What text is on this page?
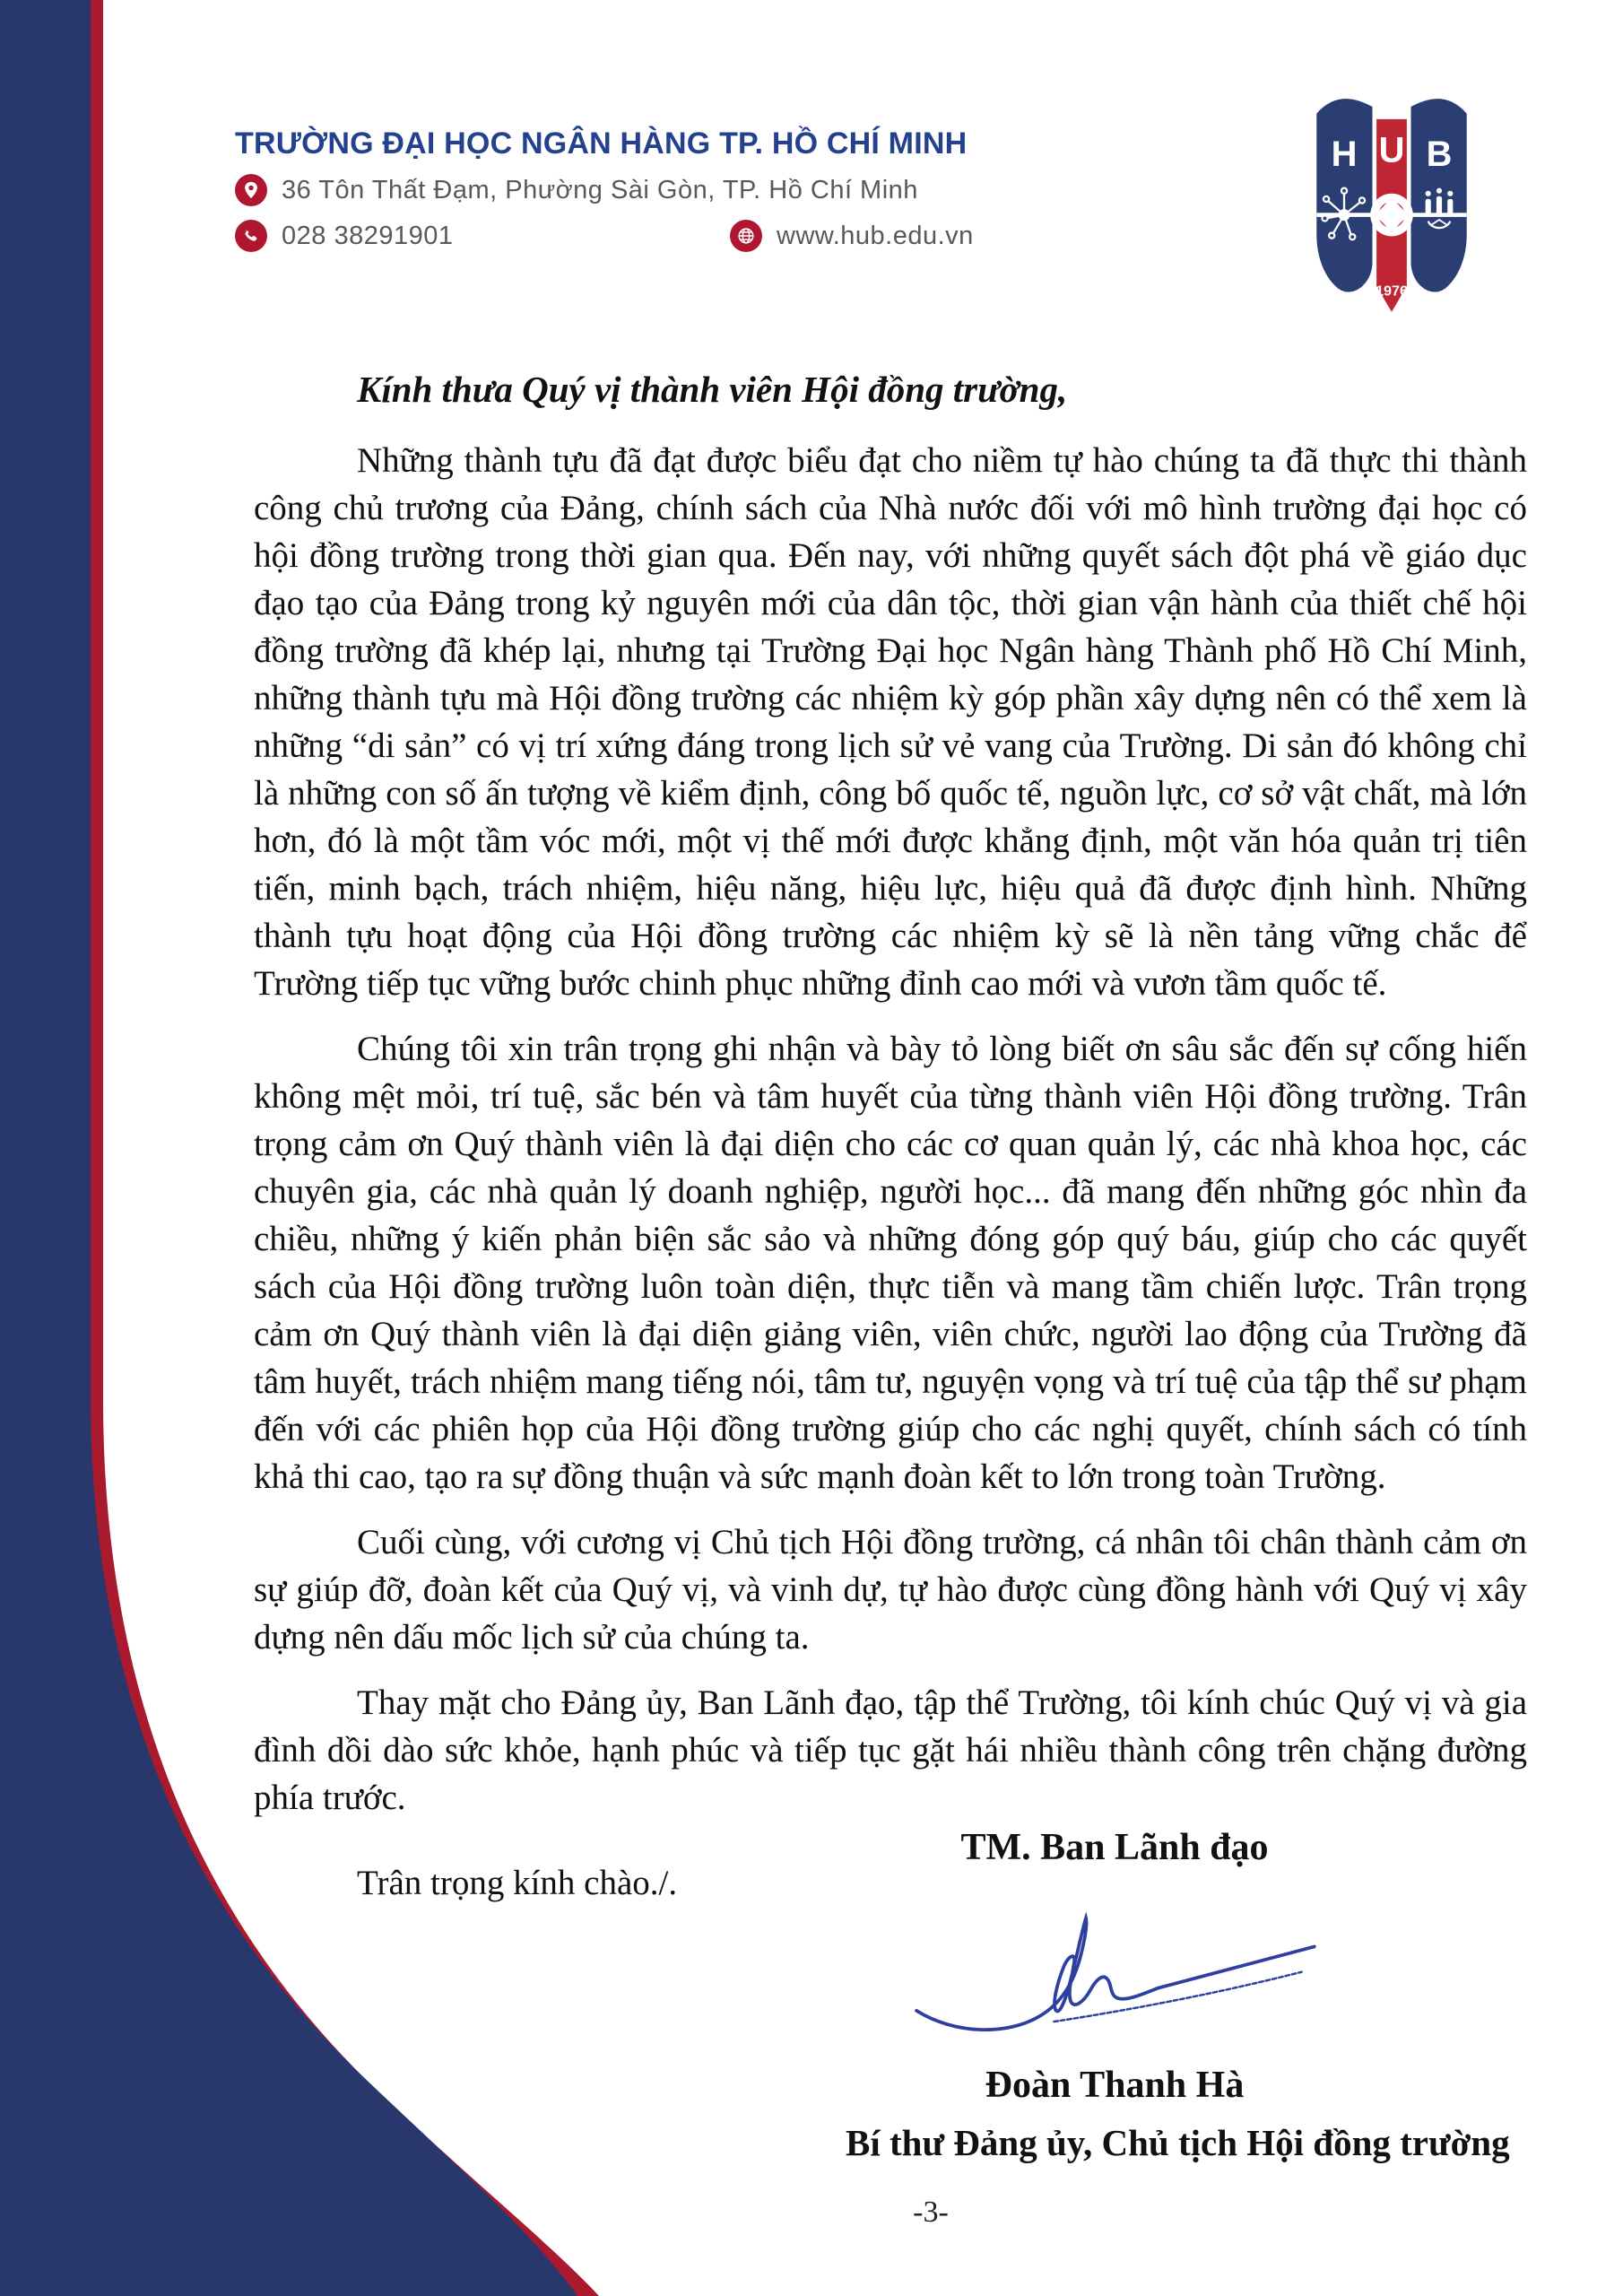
TRƯỜNG ĐẠI HỌC NGÂN HÀNG TP. HỒ CHÍ MINH
36 Tôn Thất Đạm, Phường Sài Gòn, TP. Hồ Chí Minh
028 38291901	www.hub.edu.vn
H U B
1976

Kính thưa Quý vị thành viên Hội đồng trường,

Những thành tựu đã đạt được biểu đạt cho niềm tự hào chúng ta đã thực thi thành công chủ trương của Đảng, chính sách của Nhà nước đối với mô hình trường đại học có hội đồng trường trong thời gian qua. Đến nay, với những quyết sách đột phá về giáo dục đạo tạo của Đảng trong kỷ nguyên mới của dân tộc, thời gian vận hành của thiết chế hội đồng trường đã khép lại, nhưng tại Trường Đại học Ngân hàng Thành phố Hồ Chí Minh, những thành tựu mà Hội đồng trường các nhiệm kỳ góp phần xây dựng nên có thể xem là những “di sản” có vị trí xứng đáng trong lịch sử vẻ vang của Trường. Di sản đó không chỉ là những con số ấn tượng về kiểm định, công bố quốc tế, nguồn lực, cơ sở vật chất, mà lớn hơn, đó là một tầm vóc mới, một vị thế mới được khẳng định, một văn hóa quản trị tiên tiến, minh bạch, trách nhiệm, hiệu năng, hiệu lực, hiệu quả đã được định hình. Những thành tựu hoạt động của Hội đồng trường các nhiệm kỳ sẽ là nền tảng vững chắc để Trường tiếp tục vững bước chinh phục những đỉnh cao mới và vươn tầm quốc tế.

Chúng tôi xin trân trọng ghi nhận và bày tỏ lòng biết ơn sâu sắc đến sự cống hiến không mệt mỏi, trí tuệ, sắc bén và tâm huyết của từng thành viên Hội đồng trường. Trân trọng cảm ơn Quý thành viên là đại diện cho các cơ quan quản lý, các nhà khoa học, các chuyên gia, các nhà quản lý doanh nghiệp, người học... đã mang đến những góc nhìn đa chiều, những ý kiến phản biện sắc sảo và những đóng góp quý báu, giúp cho các quyết sách của Hội đồng trường luôn toàn diện, thực tiễn và mang tầm chiến lược. Trân trọng cảm ơn Quý thành viên là đại diện giảng viên, viên chức, người lao động của Trường đã tâm huyết, trách nhiệm mang tiếng nói, tâm tư, nguyện vọng và trí tuệ của tập thể sư phạm đến với các phiên họp của Hội đồng trường giúp cho các nghị quyết, chính sách có tính khả thi cao, tạo ra sự đồng thuận và sức mạnh đoàn kết to lớn trong toàn Trường.

Cuối cùng, với cương vị Chủ tịch Hội đồng trường, cá nhân tôi chân thành cảm ơn sự giúp đỡ, đoàn kết của Quý vị, và vinh dự, tự hào được cùng đồng hành với Quý vị xây dựng nên dấu mốc lịch sử của chúng ta.

Thay mặt cho Đảng ủy, Ban Lãnh đạo, tập thể Trường, tôi kính chúc Quý vị và gia đình dồi dào sức khỏe, hạnh phúc và tiếp tục gặt hái nhiều thành công trên chặng đường phía trước.

Trân trọng kính chào./.

TM. Ban Lãnh đạo
Đoàn Thanh Hà
Bí thư Đảng ủy, Chủ tịch Hội đồng trường
-3-
